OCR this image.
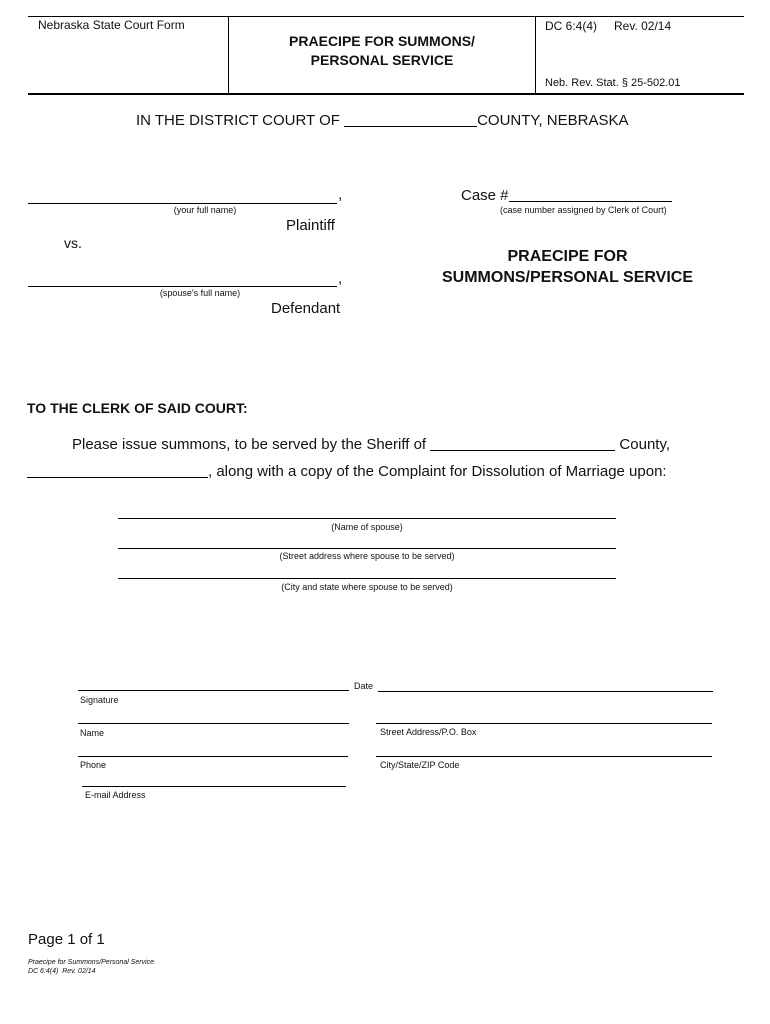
Nebraska State Court Form
PRAECIPE FOR SUMMONS/
PERSONAL SERVICE
DC 6:4(4) Rev. 02/14
Neb. Rev. Stat. § 25-502.01
IN THE DISTRICT COURT OF	COUNTY, NEBRASKA
,
(your full name)
Plaintiff
vs.
,
(spouse's full name)
Defendant
Case #
(case number assigned by Clerk of Court)
PRAECIPE FOR
SUMMONS/PERSONAL SERVICE
TO THE CLERK OF SAID COURT:
Please issue summons, to be served by the Sheriff of	County,
, along with a copy of the Complaint for Dissolution of Marriage upon:
(Name of spouse)
(Street address where spouse to be served)
(City and state where spouse to be served)
Signature
Date
Name	Street Address/P.O. Box
Phone	City/State/ZIP Code
E-mail Address
Page 1 of 1
Praecipe for Summons/Personal Service
DC 6:4(4)  Rev. 02/14
